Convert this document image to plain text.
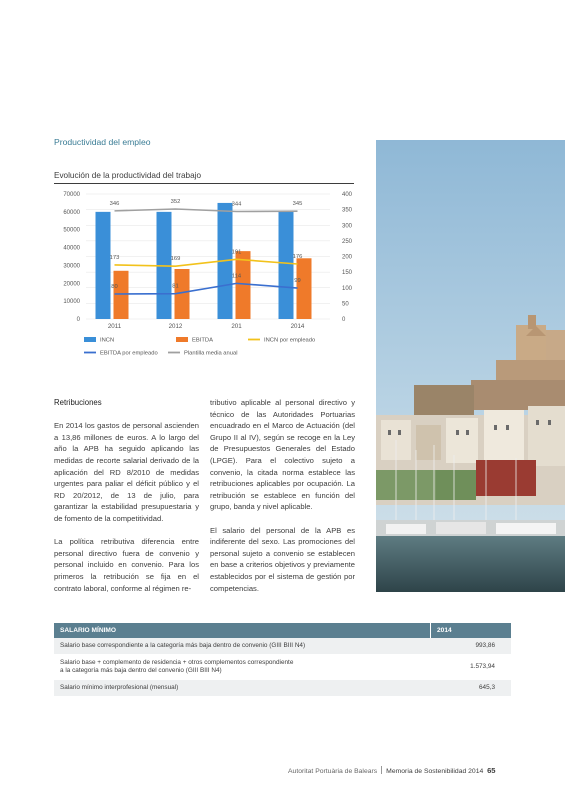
Productividad del empleo
Evolución de la productividad del trabajo
70000
60000
50000
40000
30000
20000
10000
0
400
350
300
250
200
150
100
50
0
173	169
191
176
80	81
114
99
346	352	344	345
2011	2012	201	2014
INCN	EBITDA	INCN por empleado
EBITDA por empleado	Plantilla media anual
Retribuciones

En 2014 los gastos de personal ascienden a 13,86 millones de euros. A lo largo del año la APB ha seguido aplicando las medidas de recorte salarial derivado de la aplicación del RD 8/2010 de medidas urgentes para paliar el déficit público y el RD 20/2012, de 13 de julio, para garantizar la estabilidad presupuestaria y de fomento de la competitividad.

La política retributiva diferencia entre personal directivo fuera de convenio y personal incluido en convenio. Para los primeros la retribución se fija en el contrato laboral, conforme al régimen re-

tributivo aplicable al personal directivo y técnico de las Autoridades Portuarias encuadrado en el Marco de Actuación (del Grupo II al IV), según se recoge en la Ley de Presupuestos Generales del Estado (LPGE). Para el colectivo sujeto a convenio, la citada norma establece las retribuciones aplicables por ocupación. La retribución se establece en función del grupo, banda y nivel aplicable.

El salario del personal de la APB es indiferente del sexo. Las promociones del personal sujeto a convenio se establecen en base a criterios objetivos y previamente establecidos por el sistema de gestión por competencias.

SALARIO MÍNIMO	2014
Salario base correspondiente a la categoría más baja dentro de convenio (GIII BIII N4)	993,86
Salario base + complemento de residencia + otros complementos correspondiente
a la categoría más baja dentro del convenio (GIII BIII N4)
1.573,94
Salario mínimo interprofesional (mensual)	645,3
Autoritat Portuària de Balears Memoria de Sostenibilidad 2014 65
